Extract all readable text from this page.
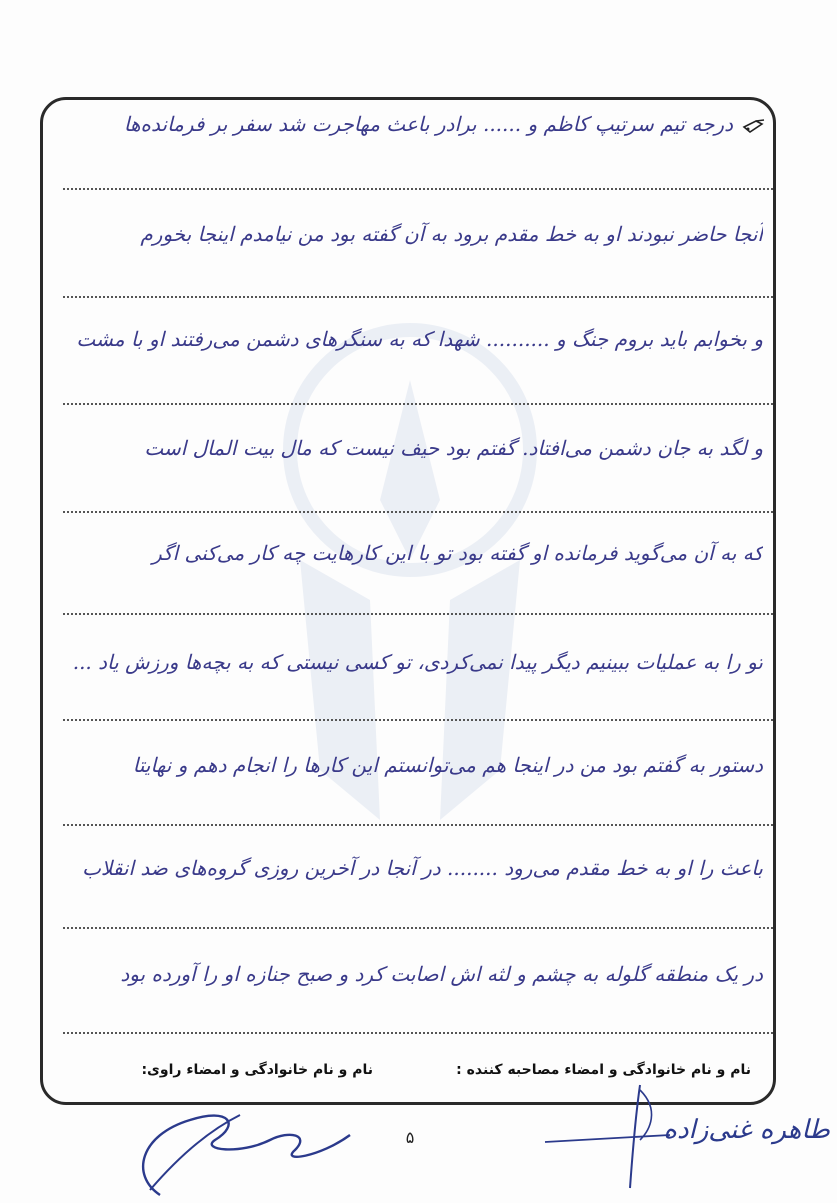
درجه تیم سرتیپ کاظم و ...... برادر باعث مهاجرت شد سفر بر فرمانده‌ها
آنجا حاضر نبودند او به خط مقدم برود به آن گفته بود من نیامدم اینجا بخورم
و بخوابم باید بروم جنگ و .......... شهدا که به سنگرهای دشمن می‌رفتند او با مشت
و لگد به جان دشمن می‌افتاد. گفتم بود حیف نیست که مال بیت المال است
که به آن می‌گوید فرمانده او گفته بود تو با این کارهایت چه کار می‌کنی اگر
تو را به عملیات ببینیم دیگر پیدا نمی‌کردی، تو کسی نیستی که به بچه‌ها ورزش یاد ...
دستور به گفتم بود من در اینجا هم می‌توانستم این کارها را انجام دهم و نهایتا
باعث را او به خط مقدم می‌رود ........ در آنجا در آخرین روزی گروه‌های ضد انقلاب
در یک منطقه گلوله به چشم و لثه اش اصابت کرد و صبح جنازه او را آورده بود
نام و نام خانوادگی و امضاء مصاحبه کننده :
نام و نام خانوادگی و امضاء راوی:
۵	طاهره غنی‌زاده
